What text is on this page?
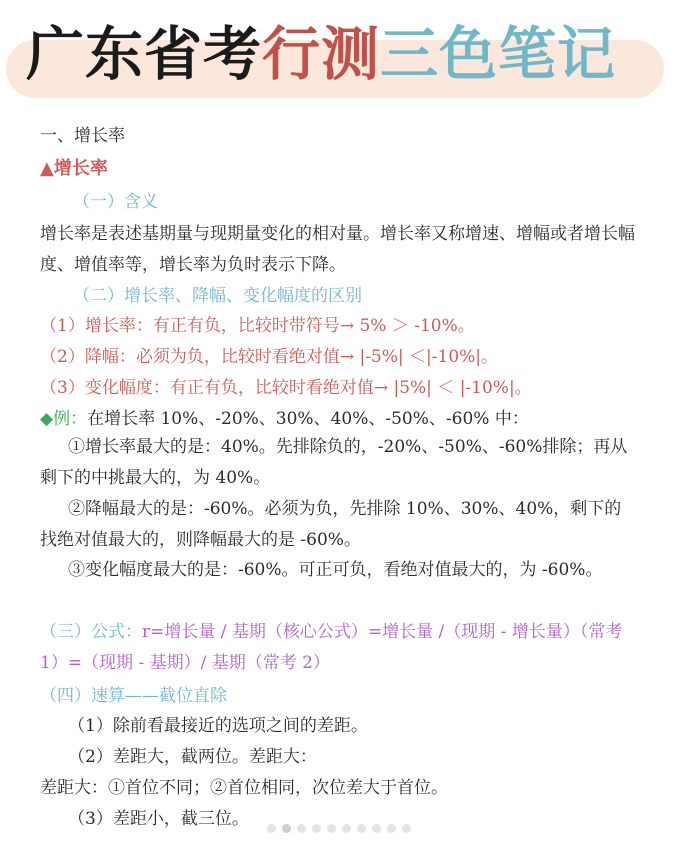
广东省考行测三色笔记
一、增长率
▲增长率
（一）含义
增长率是表述基期量与现期量变化的相对量。增长率又称增速、增幅或者增长幅度、增值率等，增长率为负时表示下降。
（二）增长率、降幅、变化幅度的区别
（1）增长率：有正有负，比较时带符号→ 5% ＞ -10%。
（2）降幅：必须为负，比较时看绝对值→ |-5%| ＜|-10%|。
（3）变化幅度：有正有负，比较时看绝对值→ |5%| ＜ |-10%|。
◆例：在增长率 10%、-20%、30%、40%、-50%、-60% 中：
①增长率最大的是：40%。先排除负的，-20%、-50%、-60%排除；再从剩下的中挑最大的，为 40%。
②降幅最大的是：-60%。必须为负，先排除 10%、30%、40%，剩下的找绝对值最大的，则降幅最大的是 -60%。
③变化幅度最大的是：-60%。可正可负，看绝对值最大的，为 -60%。
（三）公式：r=增长量 / 基期（核心公式）=增长量 /（现期 - 增长量）（常考 1）=（现期 - 基期）/ 基期（常考 2）
（四）速算——截位直除
（1）除前看最接近的选项之间的差距。
（2）差距大，截两位。差距大：
差距大：①首位不同；②首位相同，次位差大于首位。
（3）差距小，截三位。
